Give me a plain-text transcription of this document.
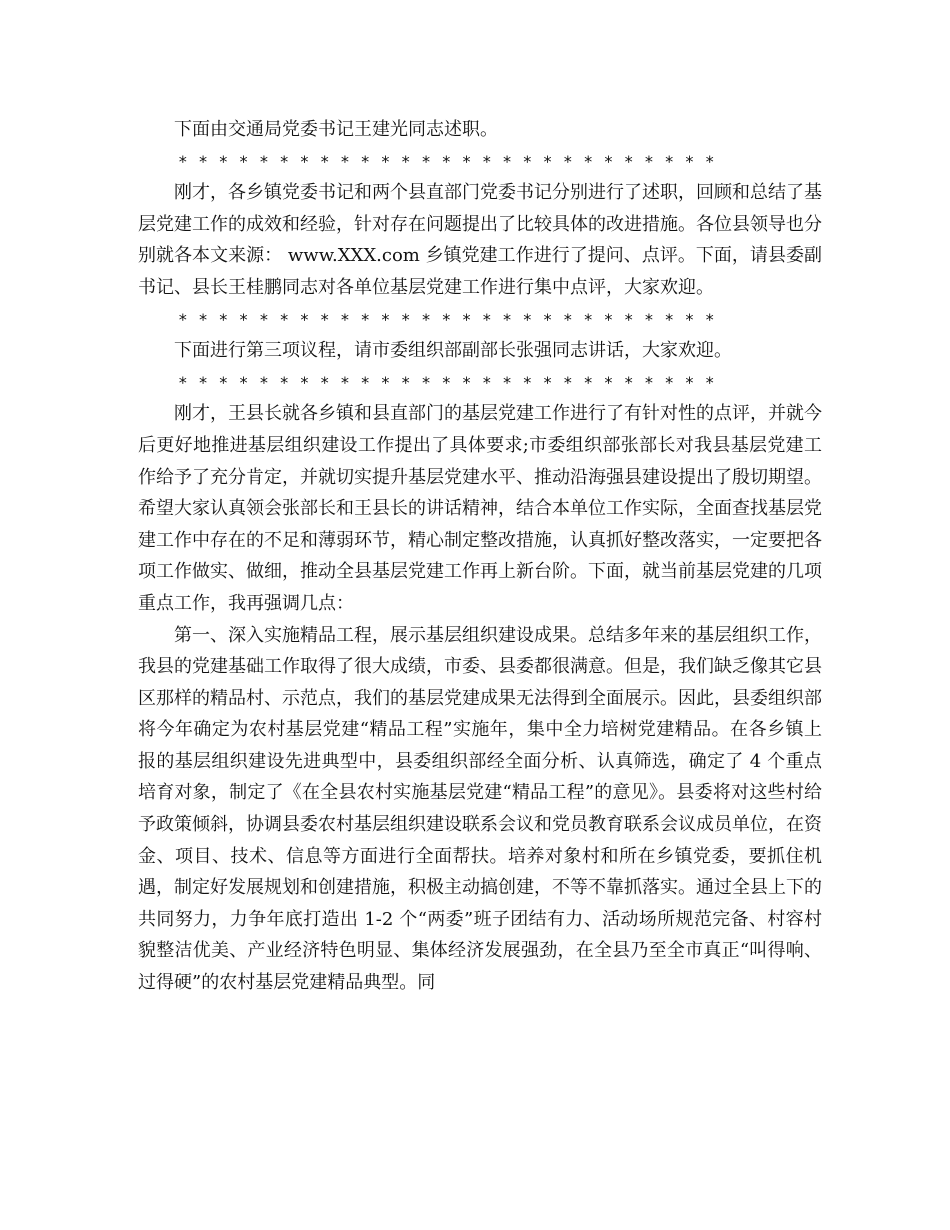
下面由交通局党委书记王建光同志述职。

* * * * * * * * * * * * * * * * * * * * * * * * * * *

刚才，各乡镇党委书记和两个县直部门党委书记分别进行了述职，回顾和总结了基层党建工作的成效和经验，针对存在问题提出了比较具体的改进措施。各位县领导也分别就各本文来源： www.XXX.com 乡镇党建工作进行了提问、点评。下面，请县委副书记、县长王桂鹏同志对各单位基层党建工作进行集中点评，大家欢迎。

* * * * * * * * * * * * * * * * * * * * * * * * * * *

下面进行第三项议程，请市委组织部副部长张强同志讲话，大家欢迎。

* * * * * * * * * * * * * * * * * * * * * * * * * * *

刚才，王县长就各乡镇和县直部门的基层党建工作进行了有针对性的点评，并就今后更好地推进基层组织建设工作提出了具体要求;市委组织部张部长对我县基层党建工作给予了充分肯定，并就切实提升基层党建水平、推动沿海强县建设提出了殷切期望。希望大家认真领会张部长和王县长的讲话精神，结合本单位工作实际，全面查找基层党建工作中存在的不足和薄弱环节，精心制定整改措施，认真抓好整改落实，一定要把各项工作做实、做细，推动全县基层党建工作再上新台阶。下面，就当前基层党建的几项重点工作，我再强调几点：

第一、深入实施精品工程，展示基层组织建设成果。总结多年来的基层组织工作，我县的党建基础工作取得了很大成绩，市委、县委都很满意。但是，我们缺乏像其它县区那样的精品村、示范点，我们的基层党建成果无法得到全面展示。因此，县委组织部将今年确定为农村基层党建“精品工程”实施年，集中全力培树党建精品。在各乡镇上报的基层组织建设先进典型中，县委组织部经全面分析、认真筛选，确定了 4 个重点培育对象，制定了《在全县农村实施基层党建“精品工程”的意见》。县委将对这些村给予政策倾斜，协调县委农村基层组织建设联系会议和党员教育联系会议成员单位，在资金、项目、技术、信息等方面进行全面帮扶。培养对象村和所在乡镇党委，要抓住机遇，制定好发展规划和创建措施，积极主动搞创建，不等不靠抓落实。通过全县上下的共同努力，力争年底打造出 1-2 个“两委”班子团结有力、活动场所规范完备、村容村貌整洁优美、产业经济特色明显、集体经济发展强劲，在全县乃至全市真正“叫得响、过得硬”的农村基层党建精品典型。同
